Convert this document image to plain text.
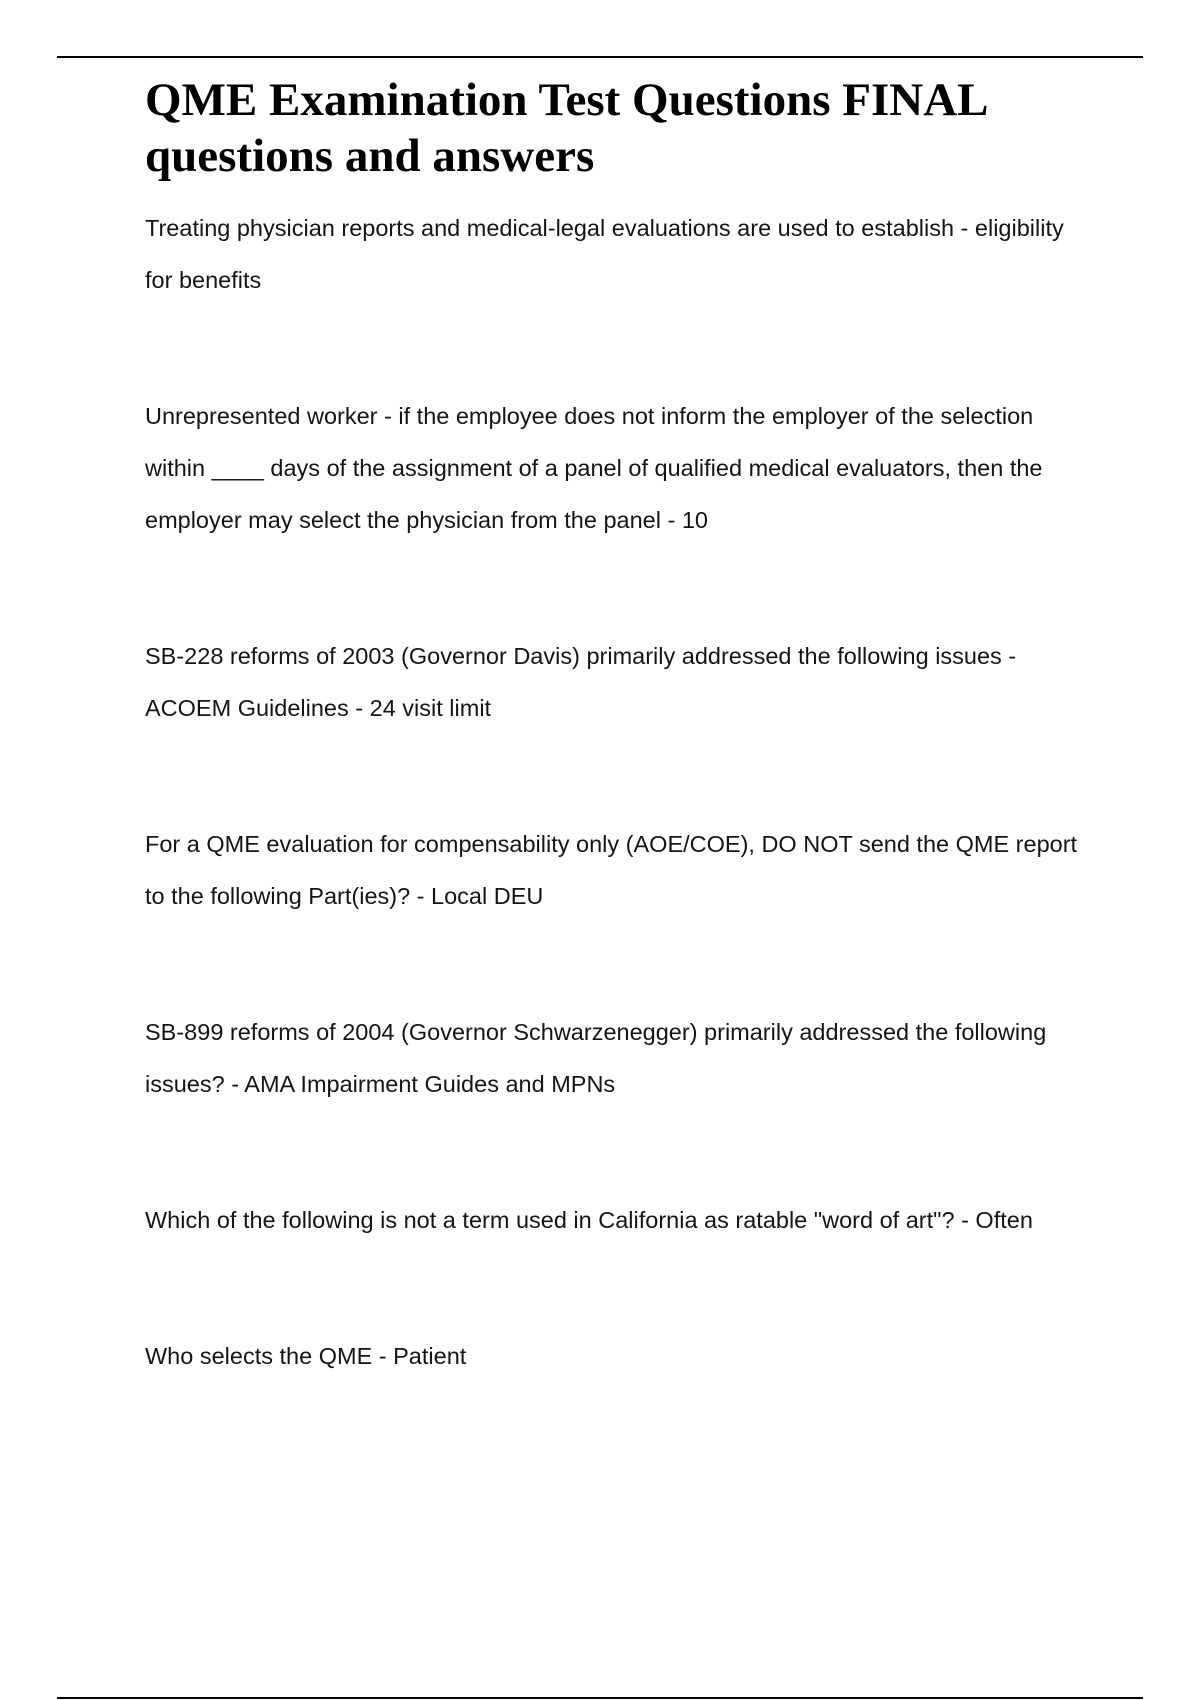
QME Examination Test Questions FINAL questions and answers
Treating physician reports and medical-legal evaluations are used to establish - eligibility for benefits
Unrepresented worker - if the employee does not inform the employer of the selection within ____ days of the assignment of a panel of qualified medical evaluators, then the employer may select the physician from the panel - 10
SB-228 reforms of 2003 (Governor Davis) primarily addressed the following issues - ACOEM Guidelines - 24 visit limit
For a QME evaluation for compensability only (AOE/COE), DO NOT send the QME report to the following Part(ies)? - Local DEU
SB-899 reforms of 2004 (Governor Schwarzenegger) primarily addressed the following issues? - AMA Impairment Guides and MPNs
Which of the following is not a term used in California as ratable "word of art"? - Often
Who selects the QME - Patient
